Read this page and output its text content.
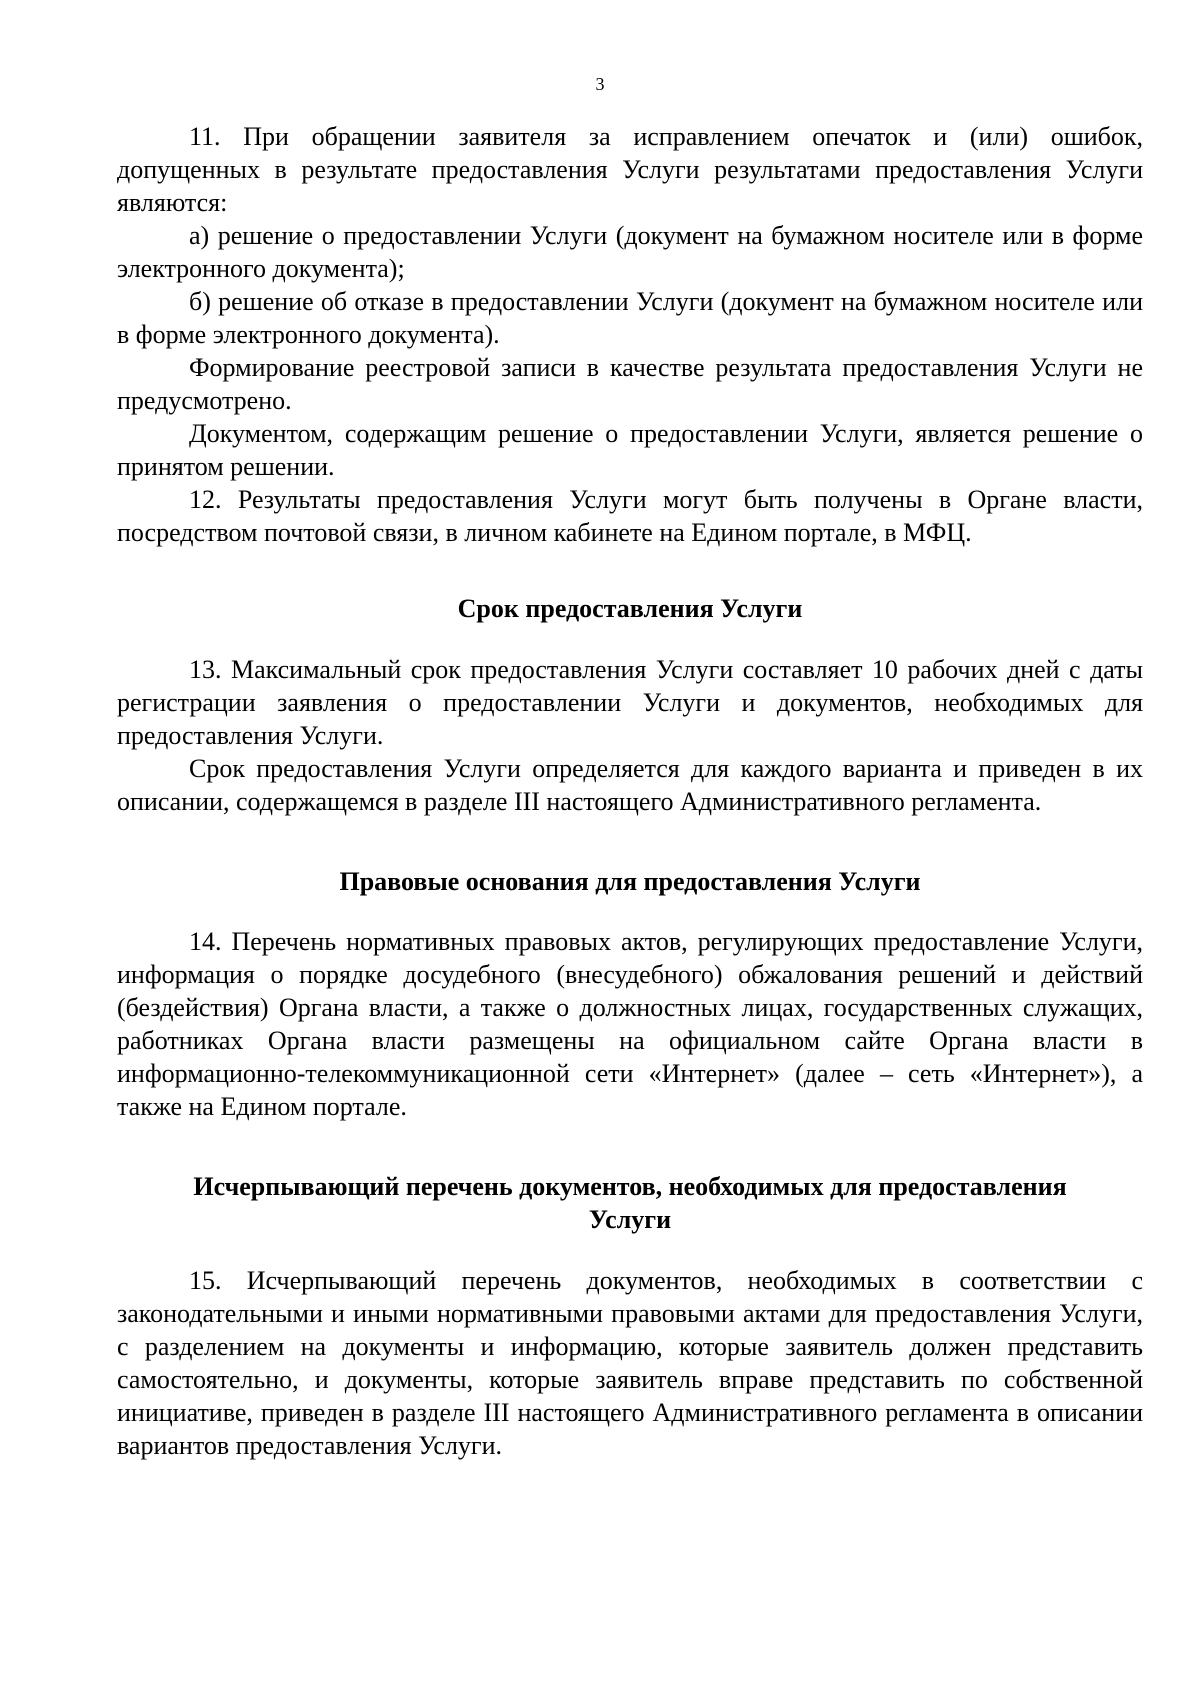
3

11. При обращении заявителя за исправлением опечаток и (или) ошибок, допущенных в результате предоставления Услуги результатами предоставления Услуги являются:

а) решение о предоставлении Услуги (документ на бумажном носителе или в форме электронного документа);

б) решение об отказе в предоставлении Услуги (документ на бумажном носителе или в форме электронного документа).

Формирование реестровой записи в качестве результата предоставления Услуги не предусмотрено.

Документом, содержащим решение о предоставлении Услуги, является решение о принятом решении.

12. Результаты предоставления Услуги могут быть получены в Органе власти, посредством почтовой связи, в личном кабинете на Едином портале, в МФЦ.

Срок предоставления Услуги

13. Максимальный срок предоставления Услуги составляет 10 рабочих дней с даты регистрации заявления о предоставлении Услуги и документов, необходимых для предоставления Услуги.

Срок предоставления Услуги определяется для каждого варианта и приведен в их описании, содержащемся в разделе III настоящего Административного регламента.

Правовые основания для предоставления Услуги

14. Перечень нормативных правовых актов, регулирующих предоставление Услуги, информация о порядке досудебного (внесудебного) обжалования решений и действий (бездействия) Органа власти, а также о должностных лицах, государственных служащих, работниках Органа власти размещены на официальном сайте Органа власти в информационно-телекоммуникационной сети «Интернет» (далее – сеть «Интернет»), а также на Едином портале.

Исчерпывающий перечень документов, необходимых для предоставления

Услуги

15. Исчерпывающий перечень документов, необходимых в соответствии с законодательными и иными нормативными правовыми актами для предоставления Услуги, с разделением на документы и информацию, которые заявитель должен представить самостоятельно, и документы, которые заявитель вправе представить по собственной инициативе, приведен в разделе III настоящего Административного регламента в описании вариантов предоставления Услуги.
